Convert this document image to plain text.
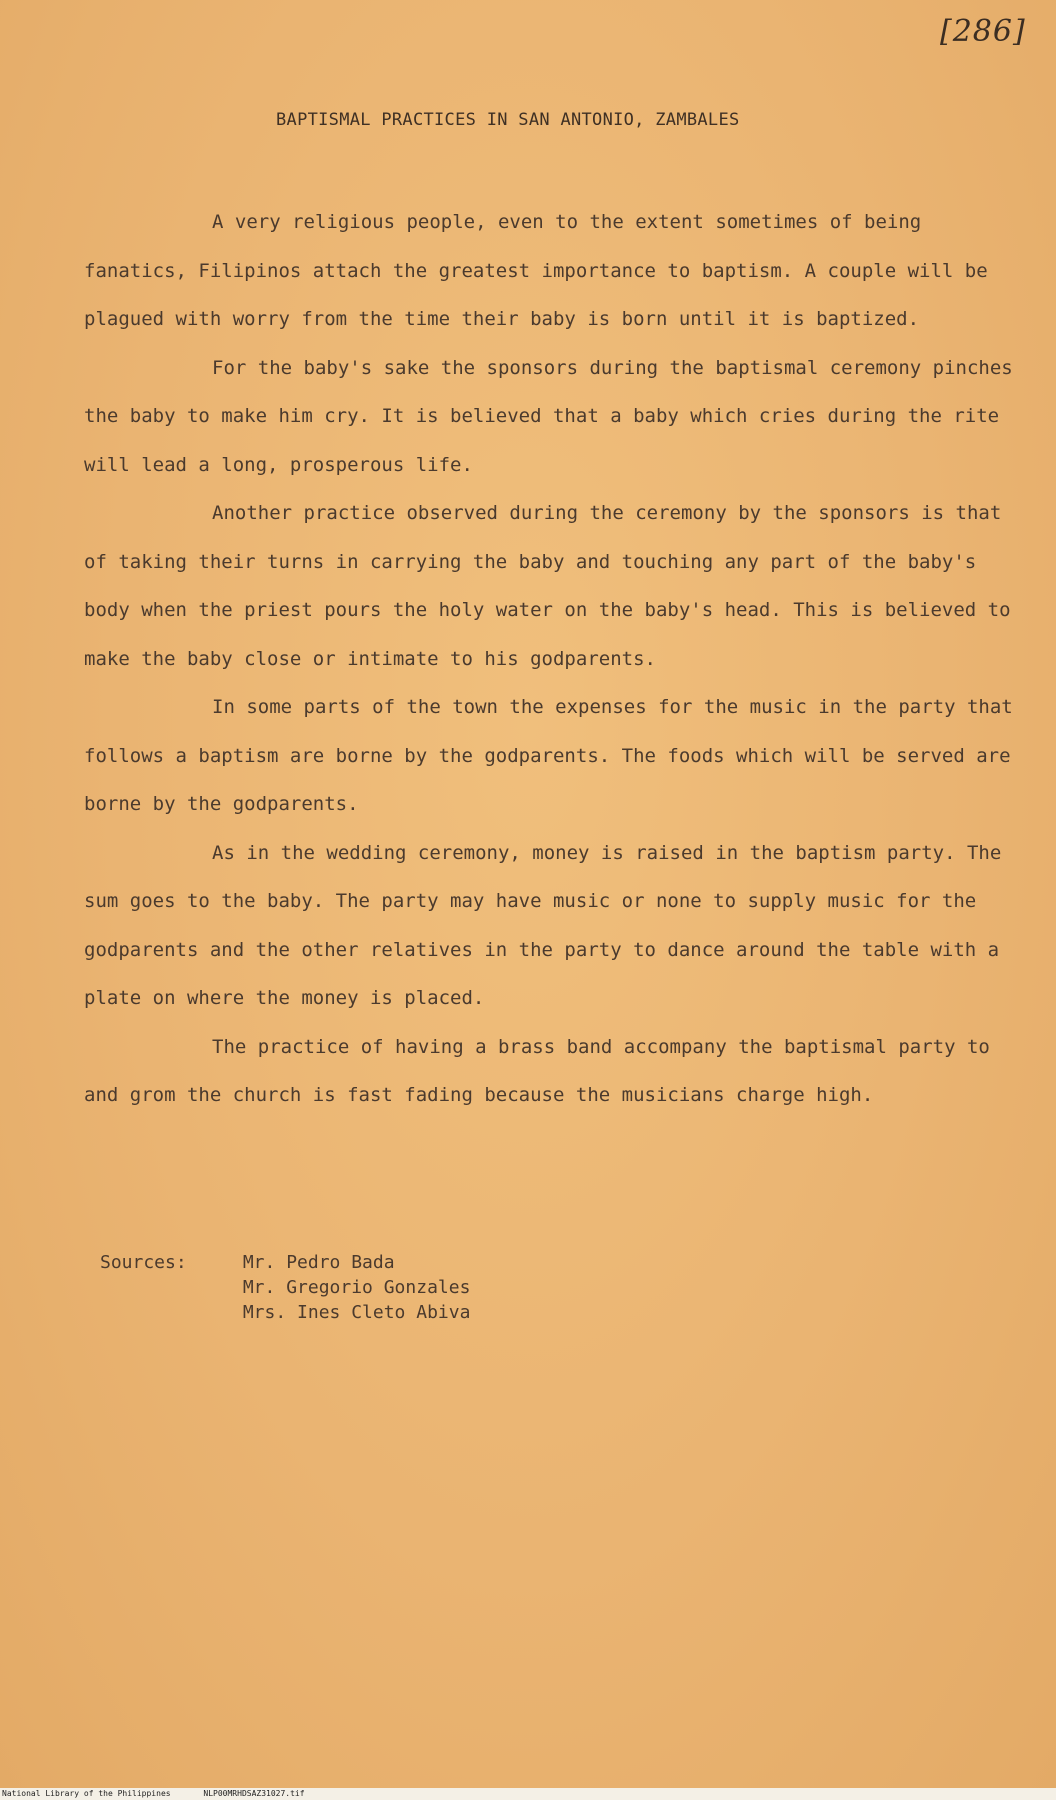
[286]
BAPTISMAL PRACTICES IN SAN ANTONIO, ZAMBALES

A very religious people, even to the extent sometimes of being fanatics, Filipinos attach the greatest importance to baptism. A couple will be plagued with worry from the time their baby is born until it is baptized.

For the baby's sake the sponsors during the baptismal ceremony pinches the baby to make him cry. It is believed that a baby which cries during the rite will lead a long, prosperous life.

Another practice observed during the ceremony by the sponsors is that of taking their turns in carrying the baby and touching any part of the baby's body when the priest pours the holy water on the baby's head. This is believed to make the baby close or intimate to his godparents.

In some parts of the town the expenses for the music in the party that follows a baptism are borne by the godparents. The foods which will be served are borne by the godparents.

As in the wedding ceremony, money is raised in the baptism party. The sum goes to the baby. The party may have music or none to supply music for the godparents and the other relatives in the party to dance around the table with a plate on where the money is placed.

The practice of having a brass band accompany the baptismal party to and grom the church is fast fading because the musicians charge high.

Sources:	Mr. Pedro Bada
Mr. Gregorio Gonzales
Mrs. Ines Cleto Abiva
National Library of the Philippines	NLP00MRHDSAZ31027.tif
